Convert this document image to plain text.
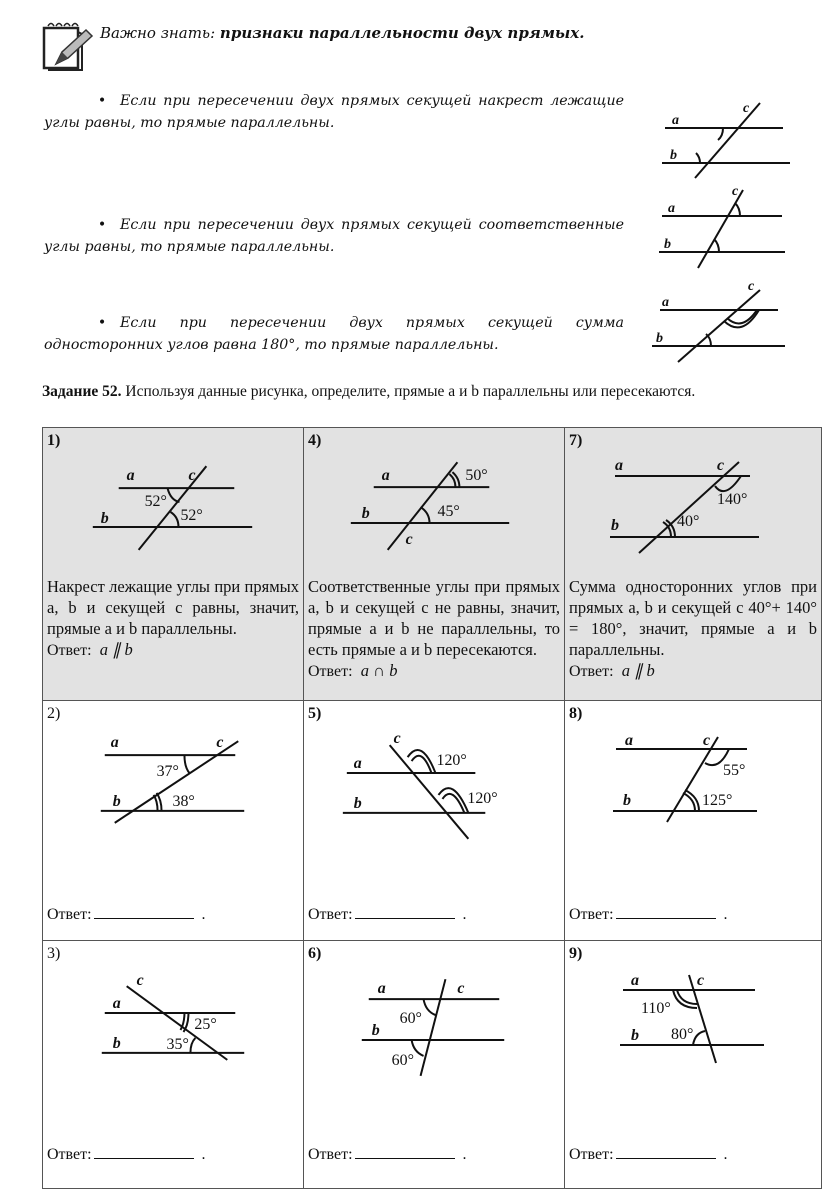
Важно знать: признаки параллельности двух прямых.
• Если при пересечении двух прямых секущей накрест лежащие углы равны, то прямые параллельны.
• Если при пересечении двух прямых секущей соответственные углы равны, то прямые параллельны.
• Если при пересечении двух прямых секущей сумма односторонних углов равна 180°, то прямые параллельны.
a
b
c
a
b
c
a
b
c
Задание 52. Используя данные рисунка, определите, прямые a и b параллельны или пересекаются.
1)
c
a
b
52°
52°
Накрест лежащие углы при прямых a, b и секущей c равны, значит, прямые a и b параллельны.
Ответ: a ∥ b
4)
50°
45°
a
b
c
Соответственные углы при прямых a, b и секущей c не равны, значит, прямые a и b не параллельны, то есть прямые a и b пересекаются.
Ответ: a ∩ b
7)
a	c
b
140°
40°
Сумма односторонних углов при прямых a, b и секущей c 40°+ 140° = 180°, значит, прямые a и b параллельны.
Ответ: a ∥ b
2)
a	c
b
37°
38°
Ответ:	.
5)
c
a
b
120°
120°
Ответ:	.
8)
a	c
b
55°
125°
Ответ:	.
3)
c
a
b
25°
35°
Ответ:	.
6)
a	c
b
60°
60°
Ответ:	.
9)
a	c
b
110°
80°
Ответ:	.
